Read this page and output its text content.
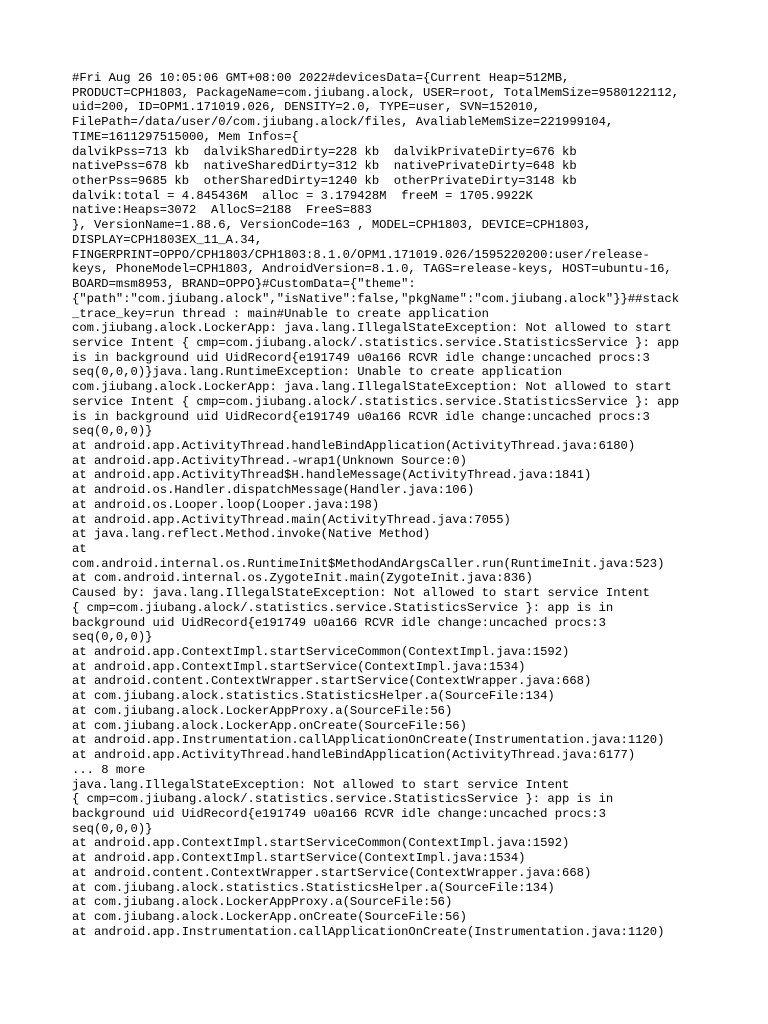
#Fri Aug 26 10:05:06 GMT+08:00 2022#devicesData={Current Heap=512MB,
PRODUCT=CPH1803, PackageName=com.jiubang.alock, USER=root, TotalMemSize=9580122112,
uid=200, ID=OPM1.171019.026, DENSITY=2.0, TYPE=user, SVN=152010,
FilePath=/data/user/0/com.jiubang.alock/files, AvaliableMemSize=221999104,
TIME=1611297515000, Mem Infos={
dalvikPss=713 kb  dalvikSharedDirty=228 kb  dalvikPrivateDirty=676 kb
nativePss=678 kb  nativeSharedDirty=312 kb  nativePrivateDirty=648 kb
otherPss=9685 kb  otherSharedDirty=1240 kb  otherPrivateDirty=3148 kb
dalvik:total = 4.845436M  alloc = 3.179428M  freeM = 1705.9922K
native:Heaps=3072  AllocS=2188  FreeS=883
}, VersionName=1.88.6, VersionCode=163 , MODEL=CPH1803, DEVICE=CPH1803,
DISPLAY=CPH1803EX_11_A.34,
FINGERPRINT=OPPO/CPH1803/CPH1803:8.1.0/OPM1.171019.026/1595220200:user/release-
keys, PhoneModel=CPH1803, AndroidVersion=8.1.0, TAGS=release-keys, HOST=ubuntu-16,
BOARD=msm8953, BRAND=OPPO}#CustomData={"theme":
{"path":"com.jiubang.alock","isNative":false,"pkgName":"com.jiubang.alock"}}##stack
_trace_key=run thread : main#Unable to create application
com.jiubang.alock.LockerApp: java.lang.IllegalStateException: Not allowed to start
service Intent { cmp=com.jiubang.alock/.statistics.service.StatisticsService }: app
is in background uid UidRecord{e191749 u0a166 RCVR idle change:uncached procs:3
seq(0,0,0)}java.lang.RuntimeException: Unable to create application
com.jiubang.alock.LockerApp: java.lang.IllegalStateException: Not allowed to start
service Intent { cmp=com.jiubang.alock/.statistics.service.StatisticsService }: app
is in background uid UidRecord{e191749 u0a166 RCVR idle change:uncached procs:3
seq(0,0,0)}
at android.app.ActivityThread.handleBindApplication(ActivityThread.java:6180)
at android.app.ActivityThread.-wrap1(Unknown Source:0)
at android.app.ActivityThread$H.handleMessage(ActivityThread.java:1841)
at android.os.Handler.dispatchMessage(Handler.java:106)
at android.os.Looper.loop(Looper.java:198)
at android.app.ActivityThread.main(ActivityThread.java:7055)
at java.lang.reflect.Method.invoke(Native Method)
at
com.android.internal.os.RuntimeInit$MethodAndArgsCaller.run(RuntimeInit.java:523)
at com.android.internal.os.ZygoteInit.main(ZygoteInit.java:836)
Caused by: java.lang.IllegalStateException: Not allowed to start service Intent
{ cmp=com.jiubang.alock/.statistics.service.StatisticsService }: app is in
background uid UidRecord{e191749 u0a166 RCVR idle change:uncached procs:3
seq(0,0,0)}
at android.app.ContextImpl.startServiceCommon(ContextImpl.java:1592)
at android.app.ContextImpl.startService(ContextImpl.java:1534)
at android.content.ContextWrapper.startService(ContextWrapper.java:668)
at com.jiubang.alock.statistics.StatisticsHelper.a(SourceFile:134)
at com.jiubang.alock.LockerAppProxy.a(SourceFile:56)
at com.jiubang.alock.LockerApp.onCreate(SourceFile:56)
at android.app.Instrumentation.callApplicationOnCreate(Instrumentation.java:1120)
at android.app.ActivityThread.handleBindApplication(ActivityThread.java:6177)
... 8 more
java.lang.IllegalStateException: Not allowed to start service Intent
{ cmp=com.jiubang.alock/.statistics.service.StatisticsService }: app is in
background uid UidRecord{e191749 u0a166 RCVR idle change:uncached procs:3
seq(0,0,0)}
at android.app.ContextImpl.startServiceCommon(ContextImpl.java:1592)
at android.app.ContextImpl.startService(ContextImpl.java:1534)
at android.content.ContextWrapper.startService(ContextWrapper.java:668)
at com.jiubang.alock.statistics.StatisticsHelper.a(SourceFile:134)
at com.jiubang.alock.LockerAppProxy.a(SourceFile:56)
at com.jiubang.alock.LockerApp.onCreate(SourceFile:56)
at android.app.Instrumentation.callApplicationOnCreate(Instrumentation.java:1120)
